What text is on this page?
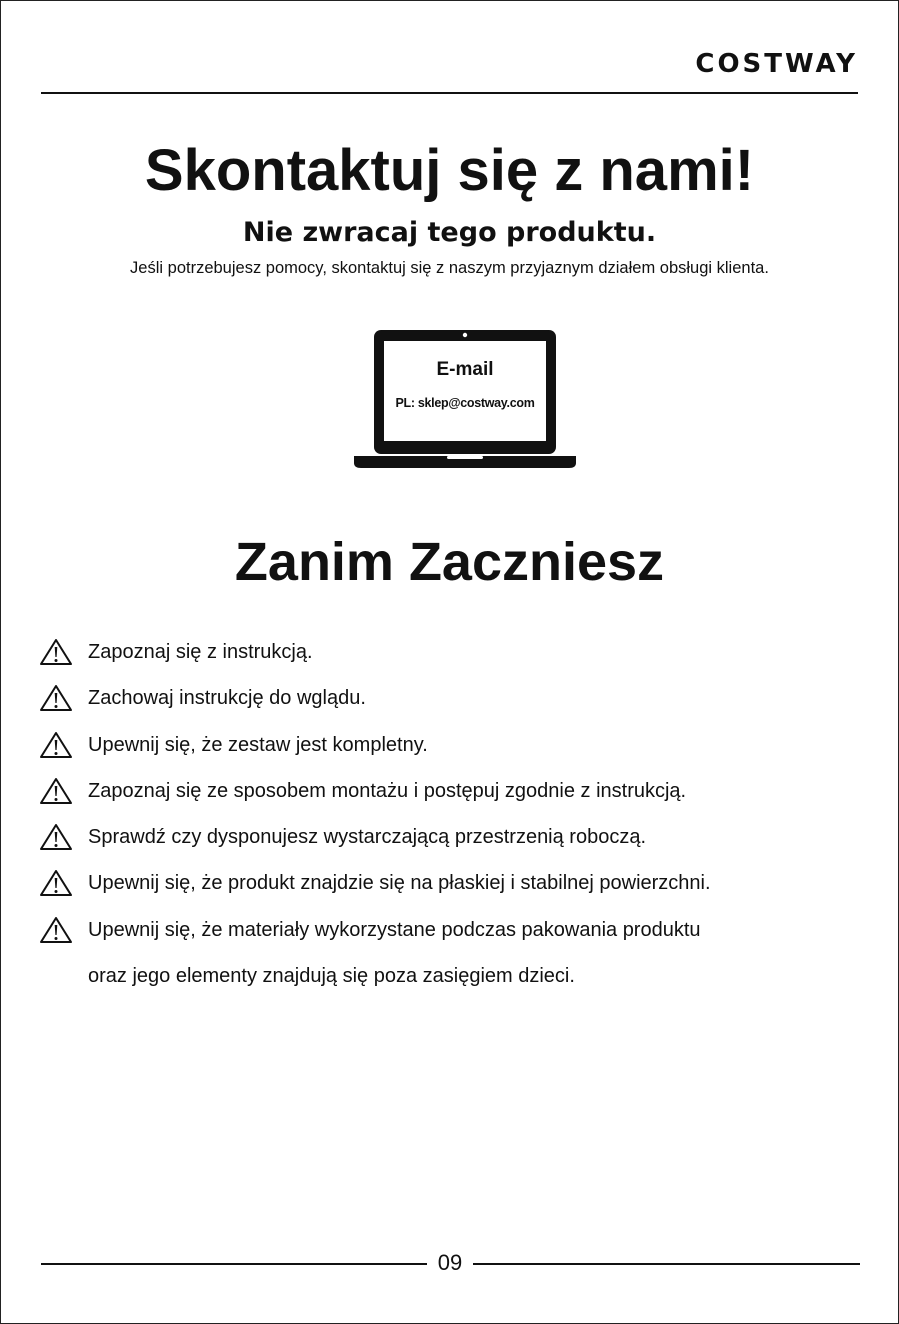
COSTWAY
Skontaktuj się z nami!
Nie zwracaj tego produktu.

Jeśli potrzebujesz pomocy, skontaktuj się z naszym przyjaznym działem obsługi klienta.

E-mail
PL: sklep@costway.com
Zanim Zaczniesz
Zapoznaj się z instrukcją.
Zachowaj instrukcję do wglądu.
Upewnij się, że zestaw jest kompletny.
Zapoznaj się ze sposobem montażu i postępuj zgodnie z instrukcją.
Sprawdź czy dysponujesz wystarczającą przestrzenią roboczą.
Upewnij się, że produkt znajdzie się na płaskiej i stabilnej powierzchni.
Upewnij się, że materiały wykorzystane podczas pakowania produktu
oraz jego elementy znajdują się poza zasięgiem dzieci.
09
